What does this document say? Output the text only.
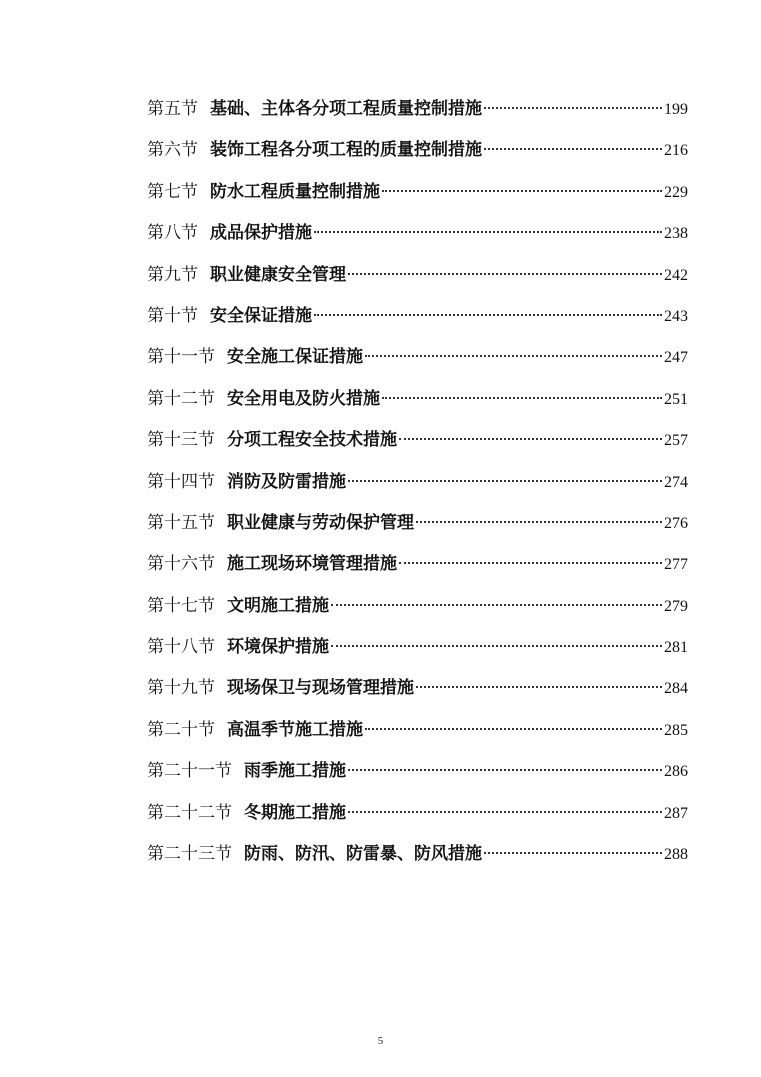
第五节 基础、主体各分项工程质量控制措施	199
第六节 装饰工程各分项工程的质量控制措施	216
第七节 防水工程质量控制措施	229
第八节 成品保护措施	238
第九节 职业健康安全管理	242
第十节 安全保证措施	243
第十一节 安全施工保证措施	247
第十二节 安全用电及防火措施	251
第十三节 分项工程安全技术措施	257
第十四节 消防及防雷措施	274
第十五节 职业健康与劳动保护管理	276
第十六节 施工现场环境管理措施	277
第十七节 文明施工措施	279
第十八节 环境保护措施	281
第十九节 现场保卫与现场管理措施	284
第二十节 高温季节施工措施	285
第二十一节 雨季施工措施	286
第二十二节 冬期施工措施	287
第二十三节 防雨、防汛、防雷暴、防风措施	288
5
